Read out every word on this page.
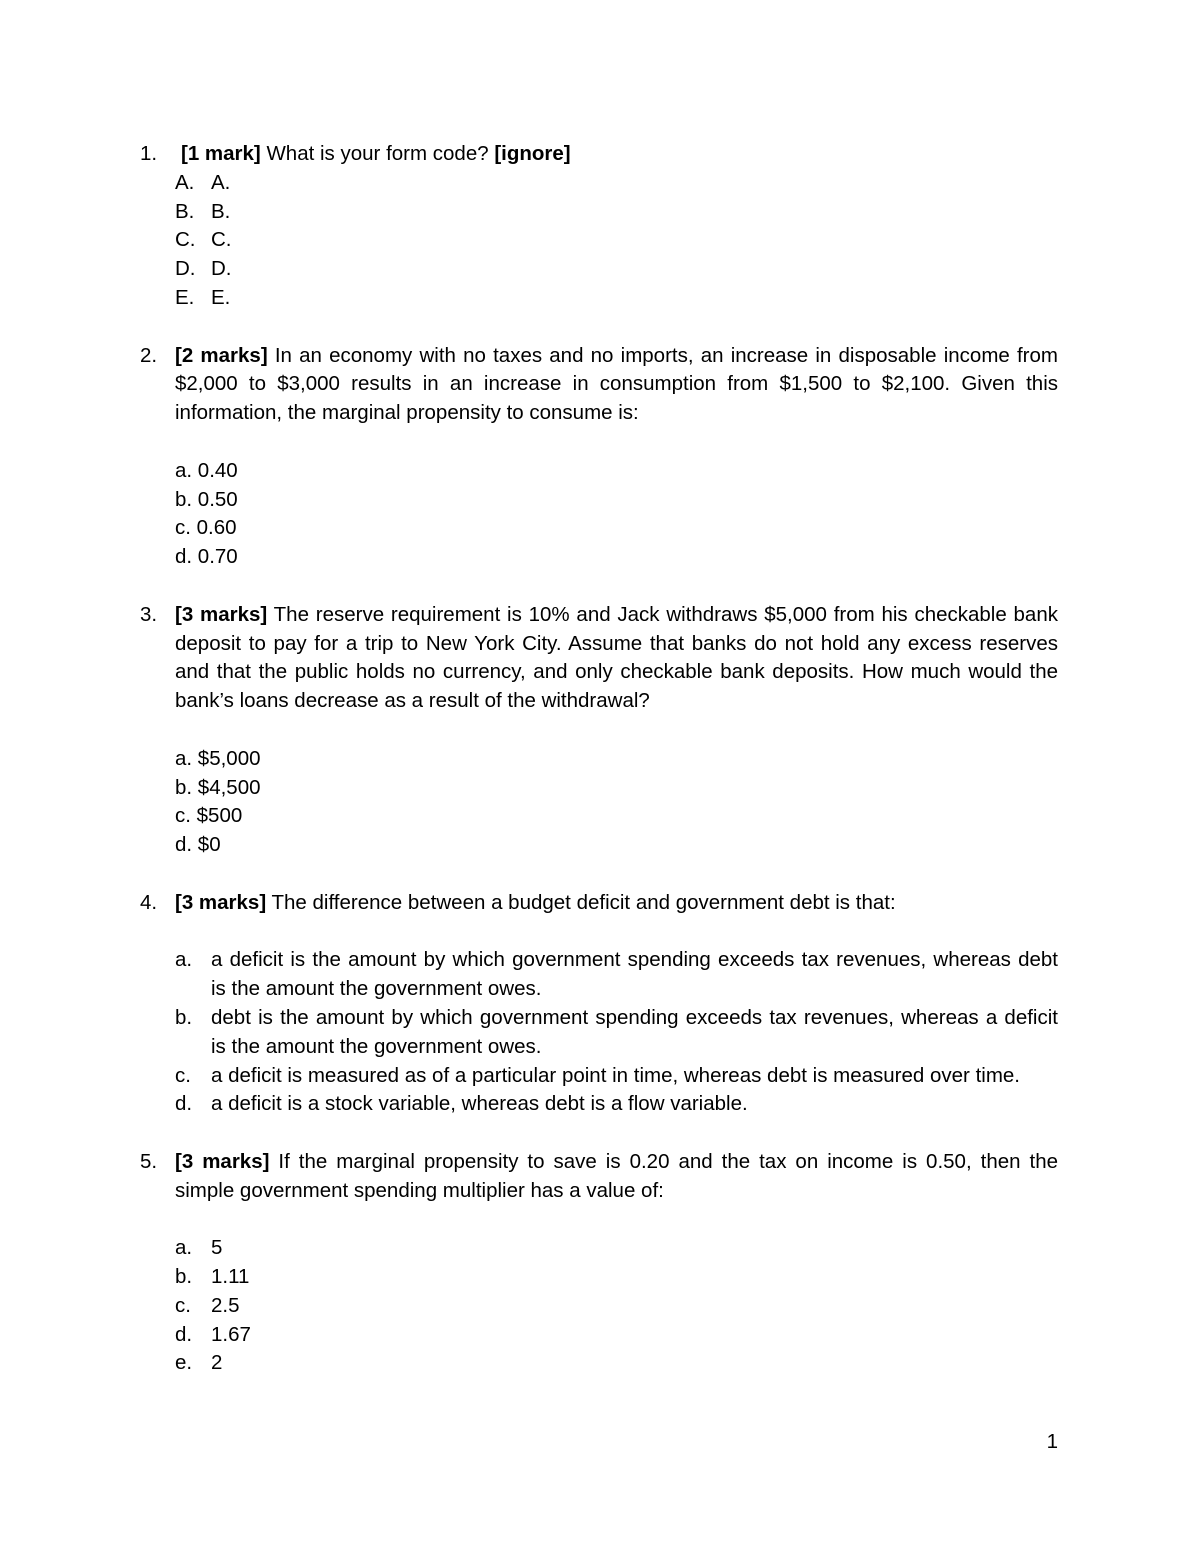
1.	[1 mark] What is your form code? [ignore]

A. A.
B. B.
C. C.
D. D.
E. E.
2. [2 marks] In an economy with no taxes and no imports, an increase in disposable income from $2,000 to $3,000 results in an increase in consumption from $1,500 to $2,100. Given this information, the marginal propensity to consume is:

a. 0.40
b. 0.50
c. 0.60
d. 0.70
3. [3 marks] The reserve requirement is 10% and Jack withdraws $5,000 from his checkable bank deposit to pay for a trip to New York City. Assume that banks do not hold any excess reserves and that the public holds no currency, and only checkable bank deposits. How much would the bank’s loans decrease as a result of the withdrawal?

a. $5,000
b. $4,500
c. $500
d. $0
4. [3 marks] The difference between a budget deficit and government debt is that:

a. a deficit is the amount by which government spending exceeds tax revenues, whereas debt is the amount the government owes.
b. debt is the amount by which government spending exceeds tax revenues, whereas a deficit is the amount the government owes.
c. a deficit is measured as of a particular point in time, whereas debt is measured over time.
d. a deficit is a stock variable, whereas debt is a flow variable.
5. [3 marks] If the marginal propensity to save is 0.20 and the tax on income is 0.50, then the simple government spending multiplier has a value of:

a. 5
b. 1.11
c. 2.5
d. 1.67
e. 2
1
